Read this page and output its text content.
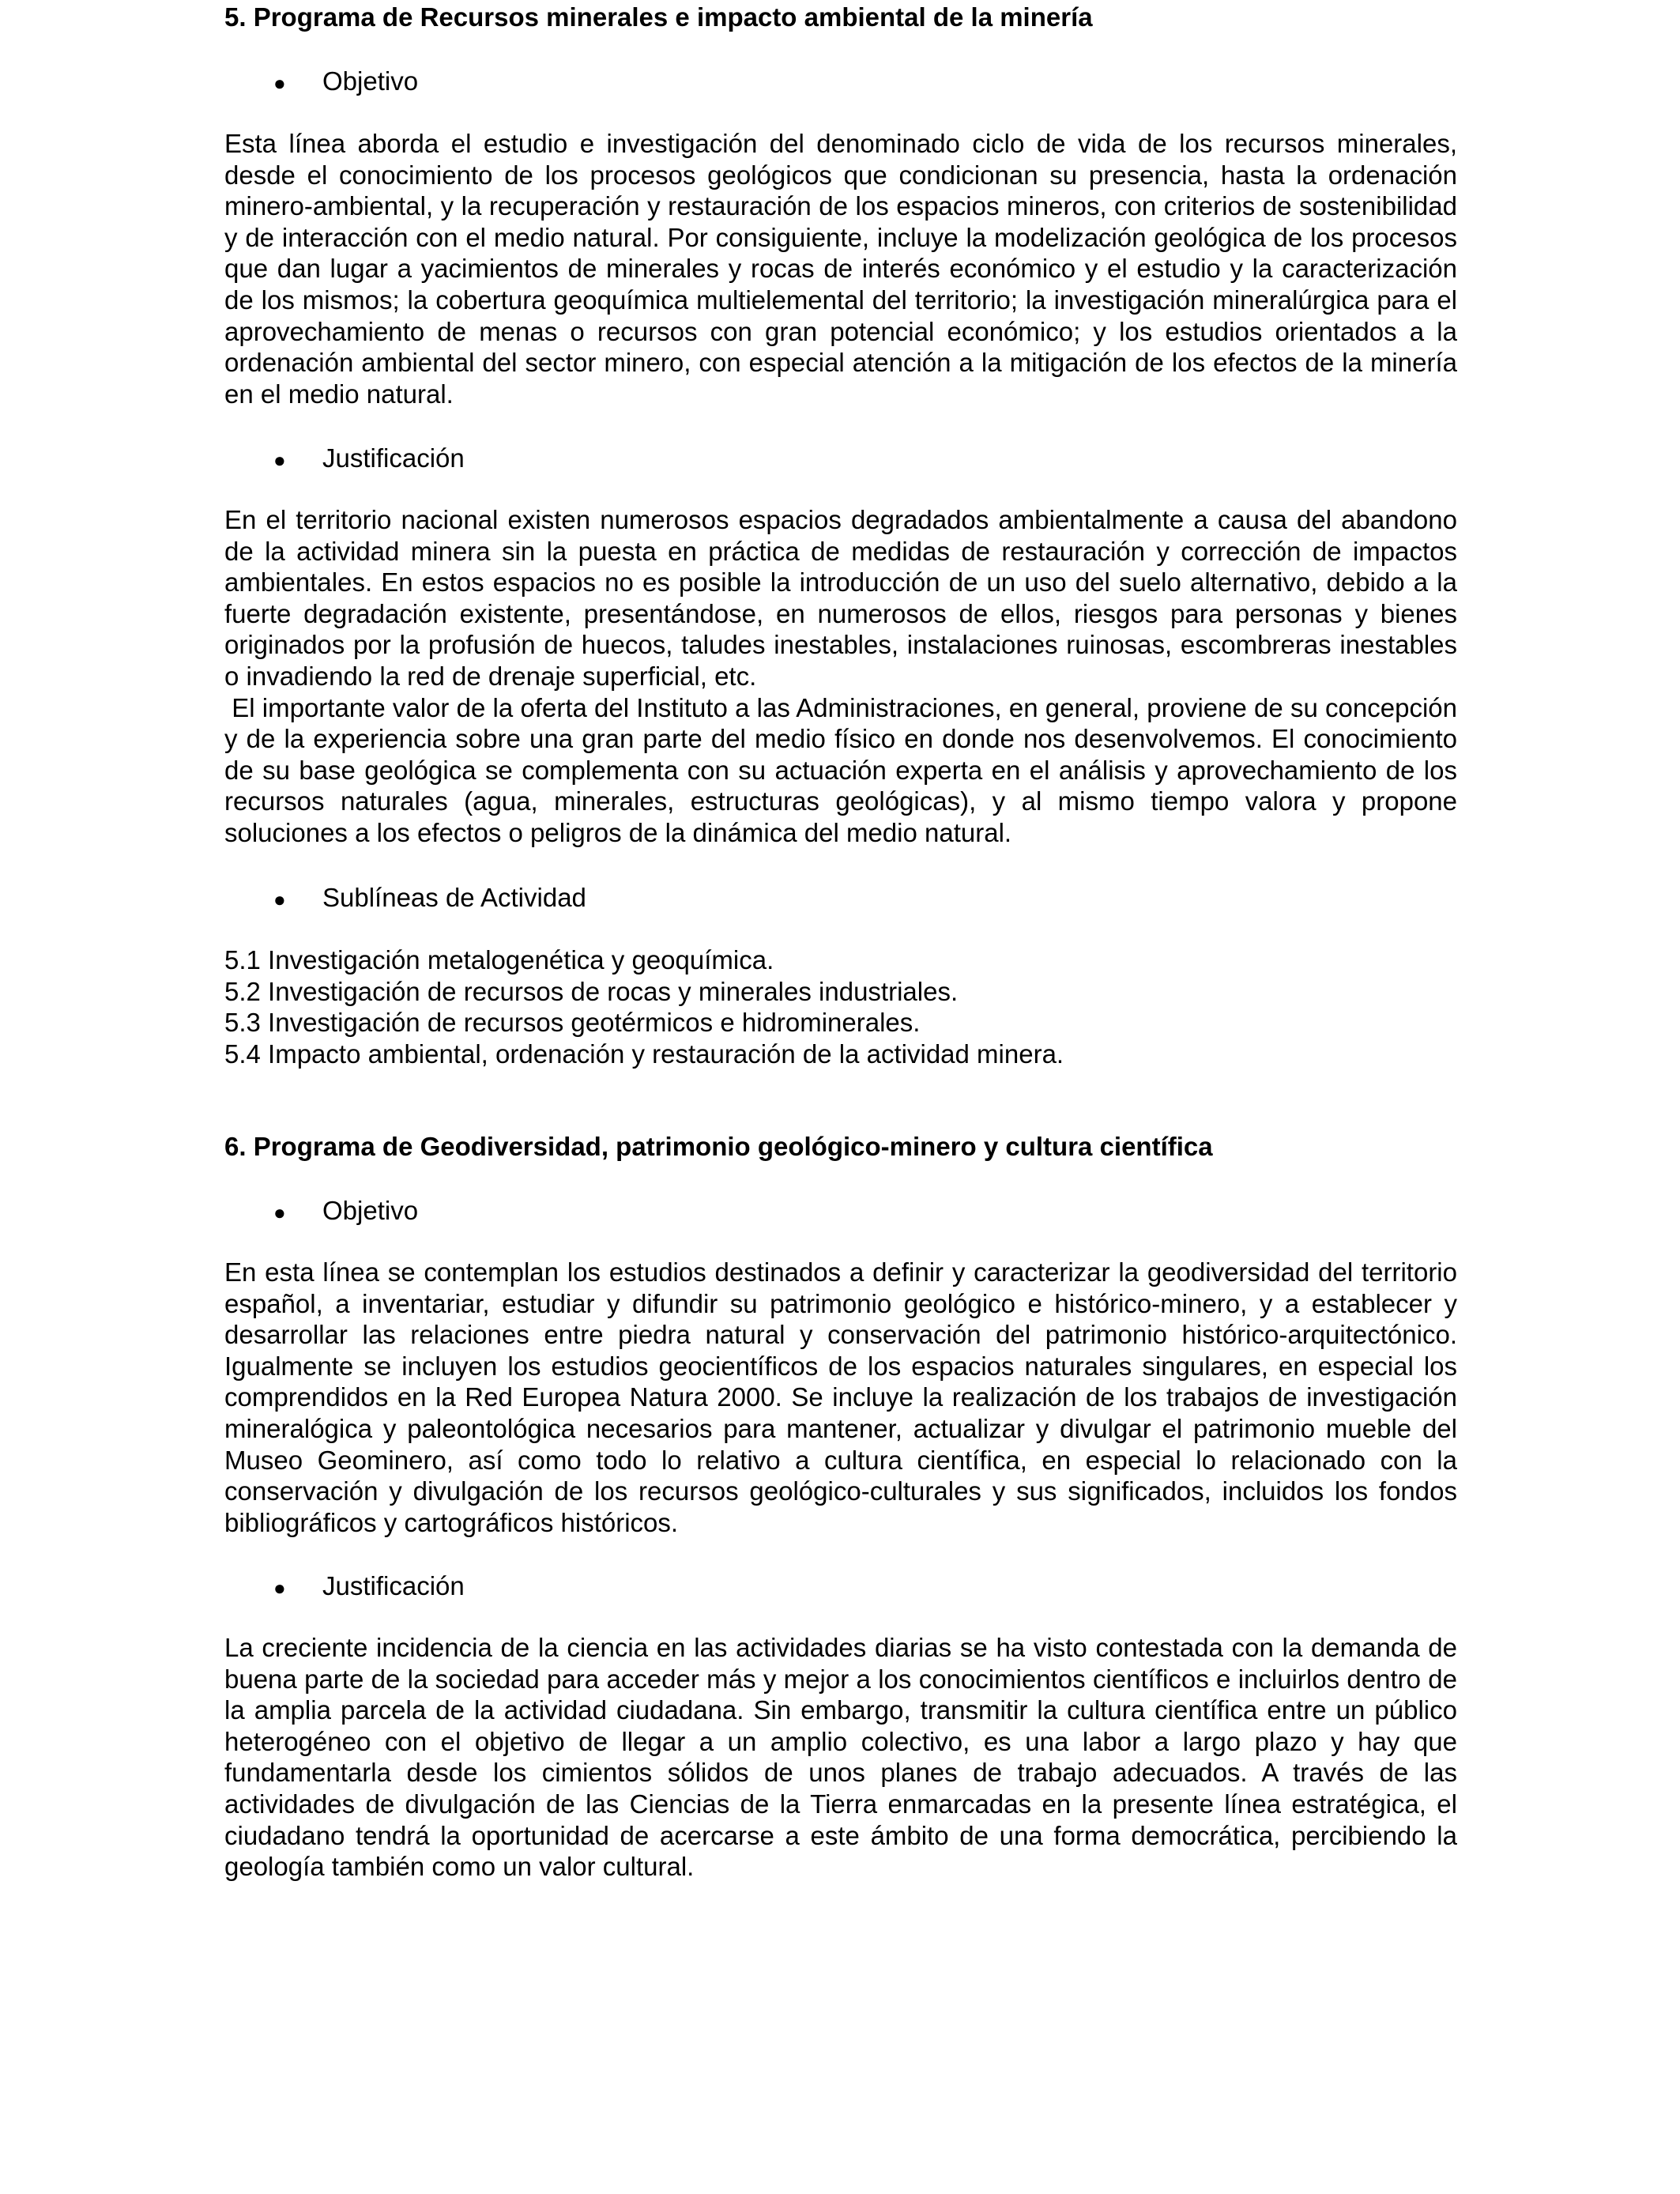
5. Programa de Recursos minerales e impacto ambiental de la minería

●	Objetivo

Esta línea aborda el estudio e investigación del denominado ciclo de vida de los recursos minerales, desde el conocimiento de los procesos geológicos que condicionan su presencia, hasta la ordenación minero-ambiental, y la recuperación y restauración de los espacios mineros, con criterios de sostenibilidad y de interacción con el medio natural. Por consiguiente, incluye la modelización geológica de los procesos que dan lugar a yacimientos de minerales y rocas de interés económico y el estudio y la caracterización de los mismos; la cobertura geoquímica multielemental del territorio; la investigación mineralúrgica para el aprovechamiento de menas o recursos con gran potencial económico; y los estudios orientados a la ordenación ambiental del sector minero, con especial atención a la mitigación de los efectos de la minería en el medio natural.

●	Justificación

En el territorio nacional existen numerosos espacios degradados ambientalmente a causa del abandono de la actividad minera sin la puesta en práctica de medidas de restauración y corrección de impactos ambientales. En estos espacios no es posible la introducción de un uso del suelo alternativo, debido a la fuerte degradación existente, presentándose, en numerosos de ellos, riesgos para personas y bienes originados por la profusión de huecos, taludes inestables, instalaciones ruinosas, escombreras inestables o invadiendo la red de drenaje superficial, etc.

El importante valor de la oferta del Instituto a las Administraciones, en general, proviene de su concepción y de la experiencia sobre una gran parte del medio físico en donde nos desenvolvemos. El conocimiento de su base geológica se complementa con su actuación experta en el análisis y aprovechamiento de los recursos naturales (agua, minerales, estructuras geológicas), y al mismo tiempo valora y propone soluciones a los efectos o peligros de la dinámica del medio natural.

●	Sublíneas de Actividad

5.1 Investigación metalogenética y geoquímica.

5.2 Investigación de recursos de rocas y minerales industriales.

5.3 Investigación de recursos geotérmicos e hidrominerales.

5.4 Impacto ambiental, ordenación y restauración de la actividad minera.

6. Programa de Geodiversidad, patrimonio geológico-minero y cultura científica

●	Objetivo

En esta línea se contemplan los estudios destinados a definir y caracterizar la geodiversidad del territorio español, a inventariar, estudiar y difundir su patrimonio geológico e histórico-minero, y a establecer y desarrollar las relaciones entre piedra natural y conservación del patrimonio histórico-arquitectónico. Igualmente se incluyen los estudios geocientíficos de los espacios naturales singulares, en especial los comprendidos en la Red Europea Natura 2000. Se incluye la realización de los trabajos de investigación mineralógica y paleontológica necesarios para mantener, actualizar y divulgar el patrimonio mueble del Museo Geominero, así como todo lo relativo a cultura científica, en especial lo relacionado con la conservación y divulgación de los recursos geológico-culturales y sus significados, incluidos los fondos bibliográficos y cartográficos históricos.

●	Justificación

La creciente incidencia de la ciencia en las actividades diarias se ha visto contestada con la demanda de buena parte de la sociedad para acceder más y mejor a los conocimientos científicos e incluirlos dentro de la amplia parcela de la actividad ciudadana. Sin embargo, transmitir la cultura científica entre un público heterogéneo con el objetivo de llegar a un amplio colectivo, es una labor a largo plazo y hay que fundamentarla desde los cimientos sólidos de unos planes de trabajo adecuados. A través de las actividades de divulgación de las Ciencias de la Tierra enmarcadas en la presente línea estratégica, el ciudadano tendrá la oportunidad de acercarse a este ámbito de una forma democrática, percibiendo la geología también como un valor cultural.
